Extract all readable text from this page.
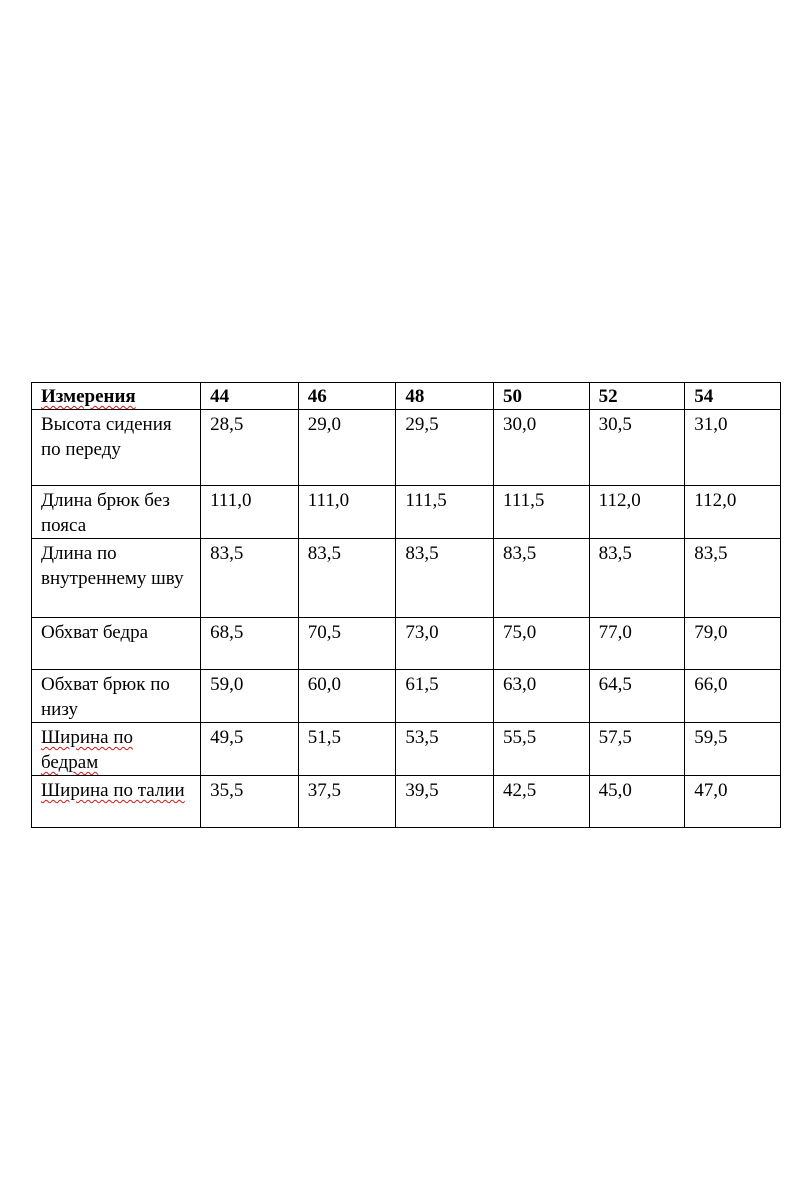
Измерения	44	46	48	50	52	54
Высота сидения по переду	28,5	29,0	29,5	30,0	30,5	31,0
Длина брюк без пояса	111,0	111,0	111,5	111,5	112,0	112,0
Длина по внутреннему шву	83,5	83,5	83,5	83,5	83,5	83,5
Обхват бедра	68,5	70,5	73,0	75,0	77,0	79,0
Обхват брюк по низу	59,0	60,0	61,5	63,0	64,5	66,0
Ширина по бедрам	49,5	51,5	53,5	55,5	57,5	59,5
Ширина по талии	35,5	37,5	39,5	42,5	45,0	47,0
